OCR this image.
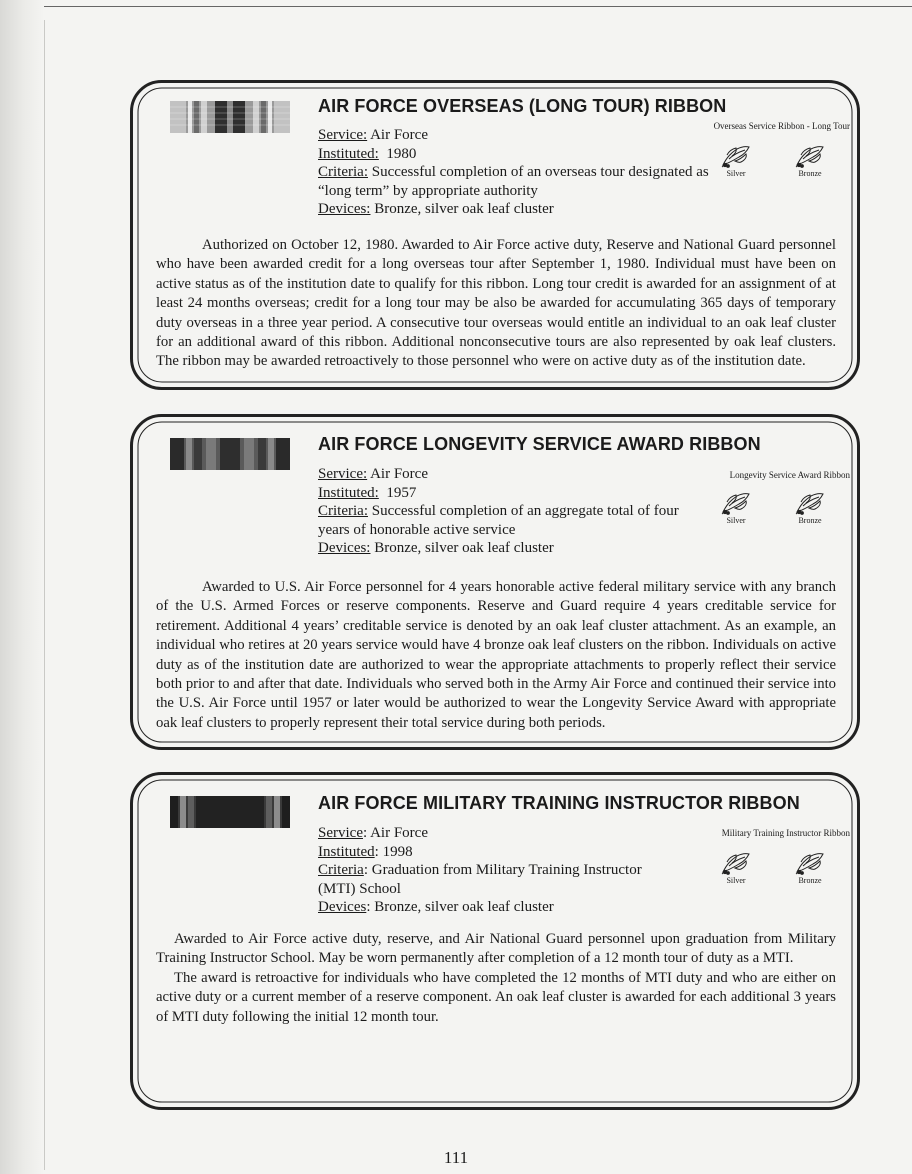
AIR FORCE OVERSEAS (LONG TOUR) RIBBON
Service: Air Force
Instituted: 1980
Criteria: Successful completion of an overseas tour designated as “long term” by appropriate authority
Devices: Bronze, silver oak leaf cluster
Overseas Service Ribbon - Long Tour
Silver	Bronze

Authorized on October 12, 1980. Awarded to Air Force active duty, Reserve and National Guard personnel who have been awarded credit for a long overseas tour after September 1, 1980. Individual must have been on active status as of the institution date to qualify for this ribbon. Long tour credit is awarded for an assignment of at least 24 months overseas; credit for a long tour may be also be awarded for accumulating 365 days of temporary duty overseas in a three year period. A consecutive tour overseas would entitle an individual to an oak leaf cluster for an additional award of this ribbon. Additional nonconsecutive tours are also represented by oak leaf clusters. The ribbon may be awarded retroactively to those personnel who were on active duty as of the institution date.

AIR FORCE LONGEVITY SERVICE AWARD RIBBON
Service: Air Force
Instituted: 1957
Criteria: Successful completion of an aggregate total of four years of honorable active service
Devices: Bronze, silver oak leaf cluster
Longevity Service Award Ribbon
Silver	Bronze

Awarded to U.S. Air Force personnel for 4 years honorable active federal military service with any branch of the U.S. Armed Forces or reserve components. Reserve and Guard require 4 years creditable service for retirement. Additional 4 years’ creditable service is denoted by an oak leaf cluster attachment. As an example, an individual who retires at 20 years service would have 4 bronze oak leaf clusters on the ribbon. Individuals on active duty as of the institution date are authorized to wear the appropriate attachments to properly reflect their service both prior to and after that date. Individuals who served both in the Army Air Force and continued their service into the U.S. Air Force until 1957 or later would be authorized to wear the Longevity Service Award with appropriate oak leaf clusters to properly represent their total service during both periods.

AIR FORCE MILITARY TRAINING INSTRUCTOR RIBBON
Service: Air Force
Instituted: 1998
Criteria: Graduation from Military Training Instructor (MTI) School
Devices: Bronze, silver oak leaf cluster
Military Training Instructor Ribbon
Silver	Bronze

Awarded to Air Force active duty, reserve, and Air National Guard personnel upon graduation from Military Training Instructor School. May be worn permanently after completion of a 12 month tour of duty as a MTI.

The award is retroactive for individuals who have completed the 12 months of MTI duty and who are either on active duty or a current member of a reserve component. An oak leaf cluster is awarded for each additional 3 years of MTI duty following the initial 12 month tour.

111
